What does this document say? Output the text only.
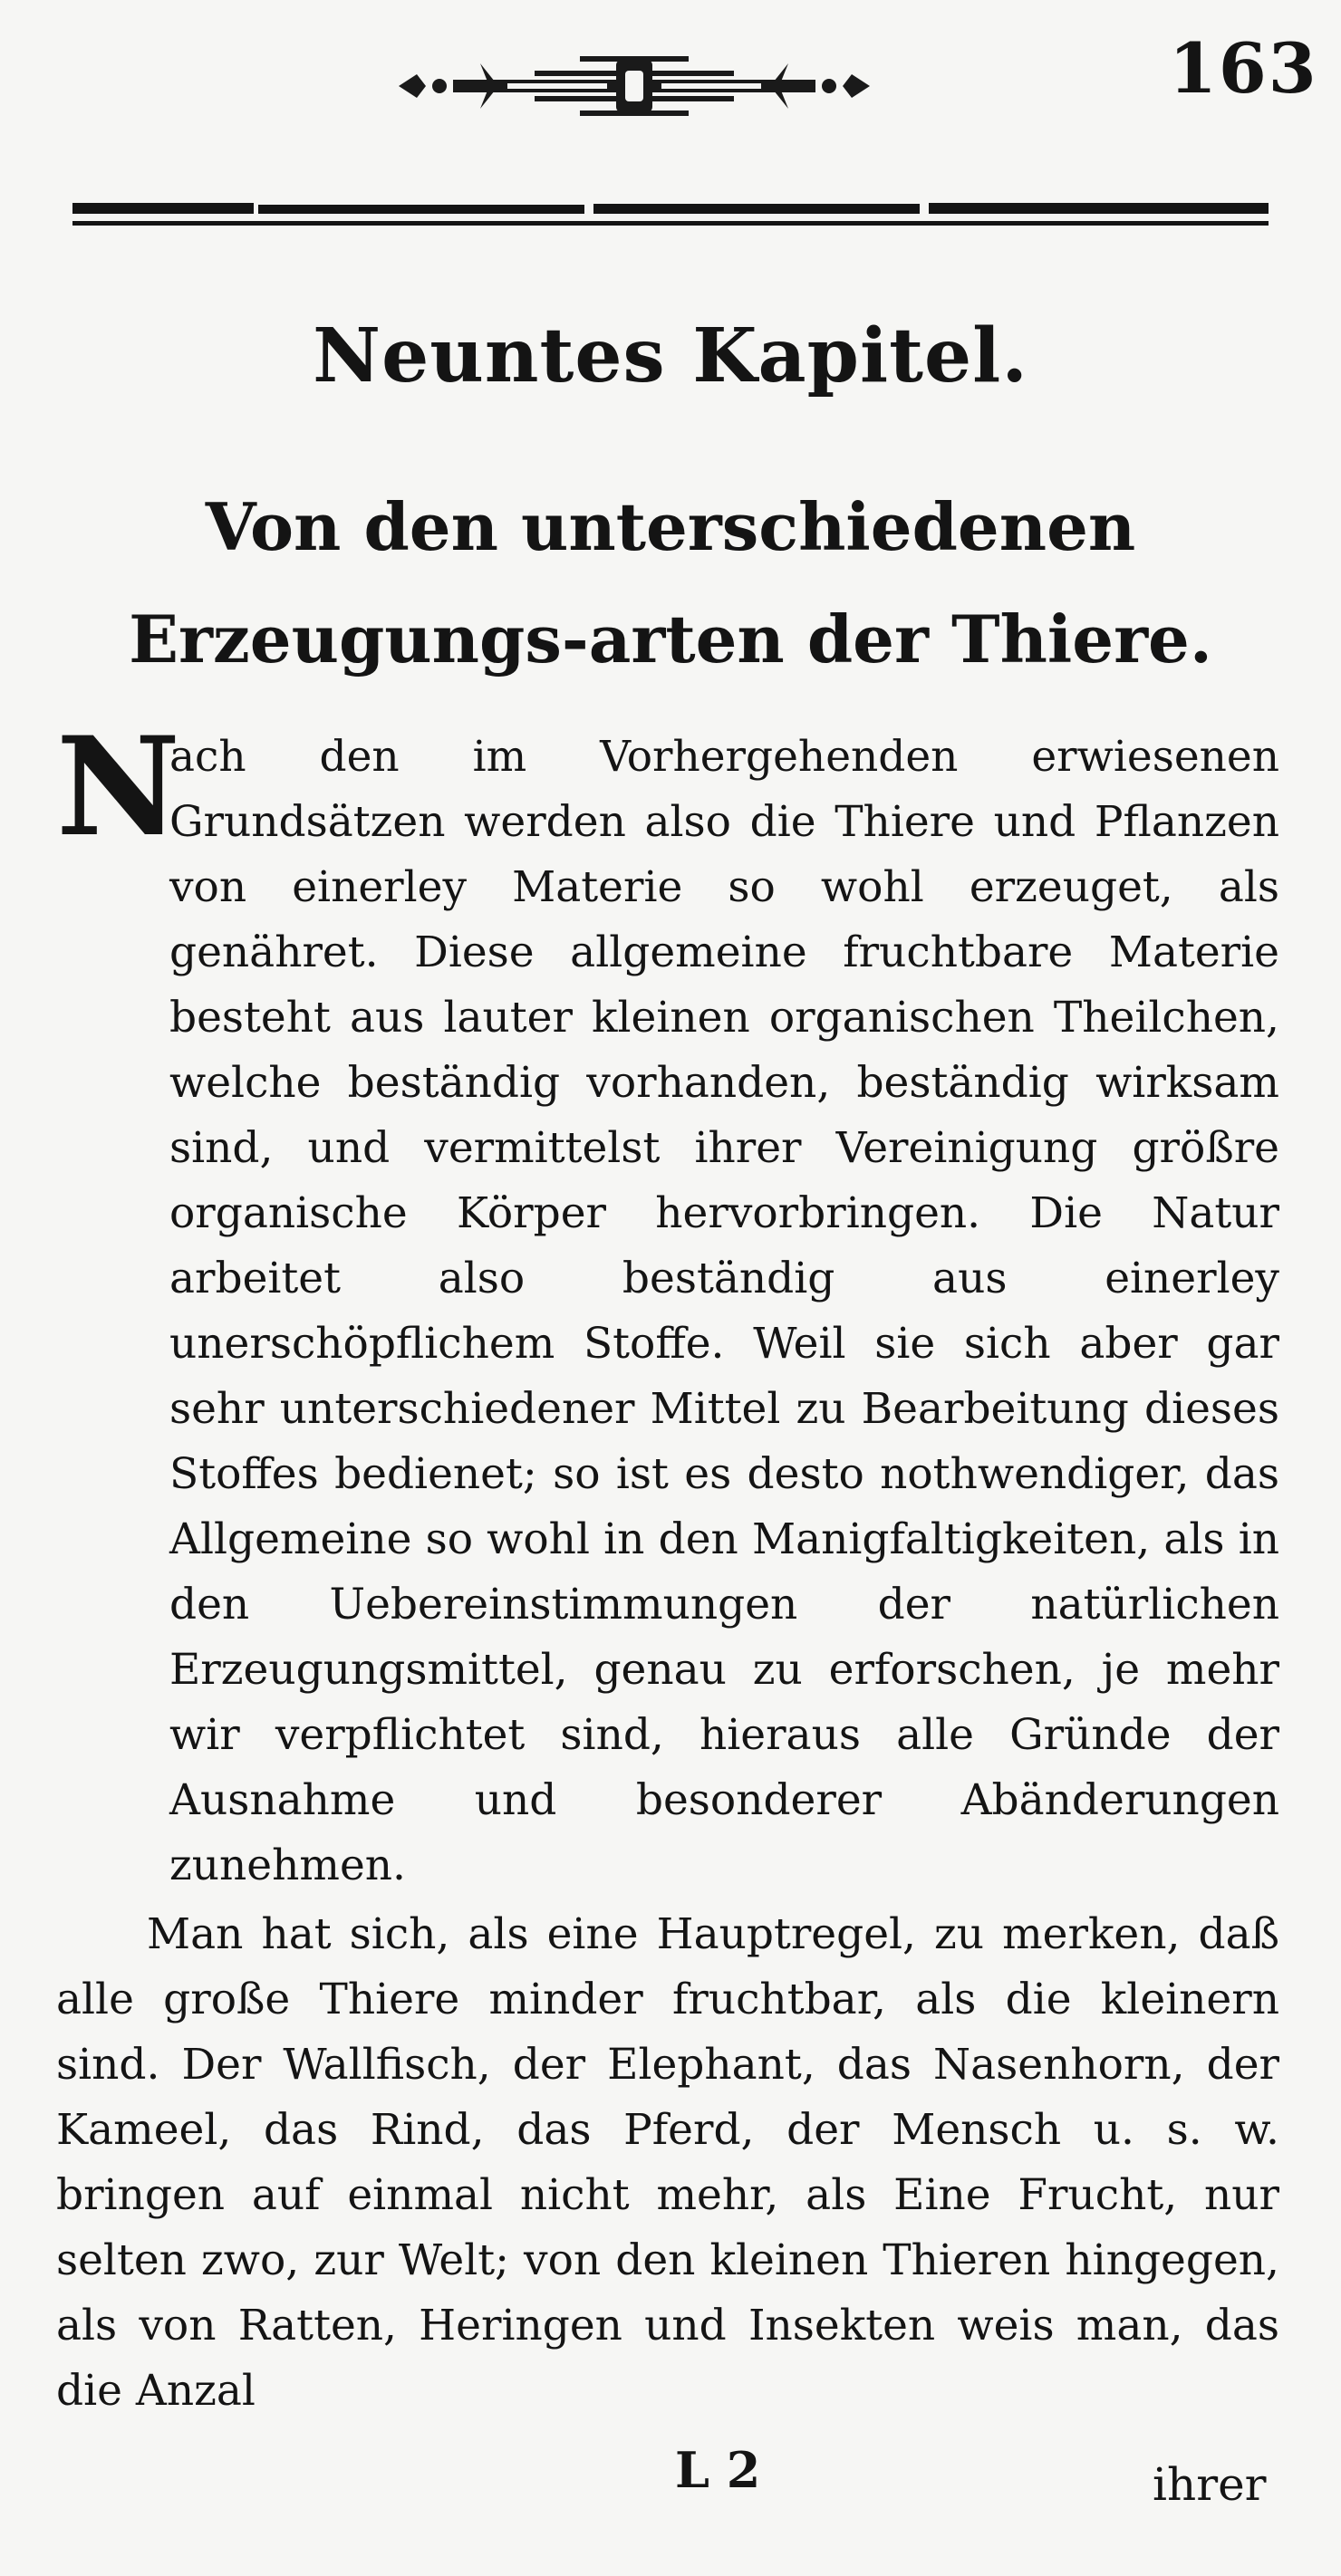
163
Neuntes Kapitel.
Von den unterschiedenen Erzeugungs-arten der Thiere.
N
ach den im Vorhergehenden erwiesenen Grundsätzen werden also die Thiere und Pflanzen von einerley Materie so wohl erzeuget, als genähret. Diese allgemeine fruchtbare Materie besteht aus lauter kleinen organischen Theilchen, welche beständig vorhanden, beständig wirksam sind, und vermittelst ihrer Vereinigung größre organische Körper hervorbringen. Die Natur arbeitet also beständig aus einerley unerschöpflichem Stoffe. Weil sie sich aber gar sehr unterschiedener Mittel zu Bearbeitung dieses Stoffes bedienet; so ist es desto nothwendiger, das Allgemeine so wohl in den Manigfaltigkeiten, als in den Uebereinstimmungen der natürlichen Erzeugungsmittel, genau zu erforschen, je mehr wir verpflichtet sind, hieraus alle Gründe der Ausnahme und besonderer Abänderungen zunehmen.
Man hat sich, als eine Hauptregel, zu merken, daß alle große Thiere minder fruchtbar, als die kleinern sind. Der Wallfisch, der Elephant, das Nasenhorn, der Kameel, das Rind, das Pferd, der Mensch u. s. w. bringen auf einmal nicht mehr, als Eine Frucht, nur selten zwo, zur Welt; von den kleinen Thieren hingegen, als von Ratten, Heringen und Insekten weis man, das die Anzal
L 2	ihrer
